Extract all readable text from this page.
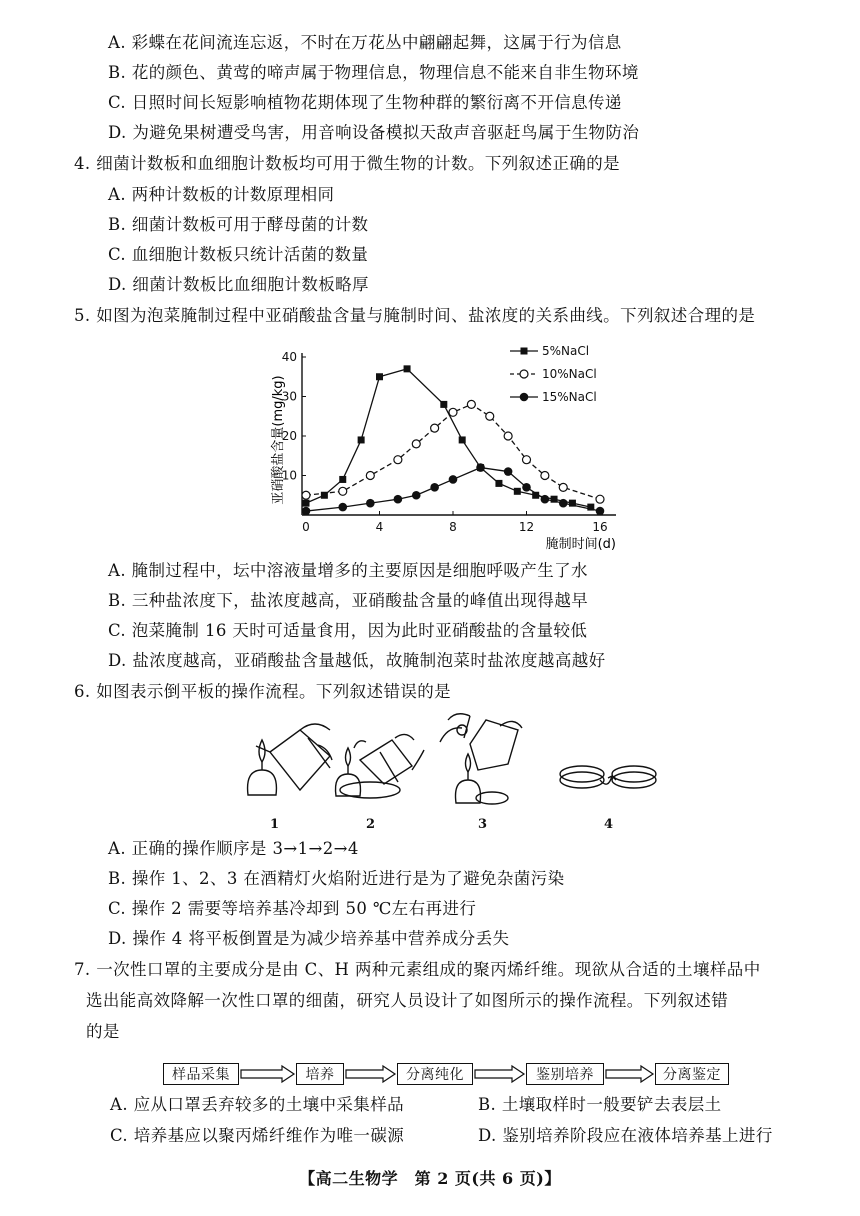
A. 彩蝶在花间流连忘返，不时在万花丛中翩翩起舞，这属于行为信息
B. 花的颜色、黄莺的啼声属于物理信息，物理信息不能来自非生物环境
C. 日照时间长短影响植物花期体现了生物种群的繁衍离不开信息传递
D. 为避免果树遭受鸟害，用音响设备模拟天敌声音驱赶鸟属于生物防治
4. 细菌计数板和血细胞计数板均可用于微生物的计数。下列叙述正确的是
A. 两种计数板的计数原理相同
B. 细菌计数板可用于酵母菌的计数
C. 血细胞计数板只统计活菌的数量
D. 细菌计数板比血细胞计数板略厚
5. 如图为泡菜腌制过程中亚硝酸盐含量与腌制时间、盐浓度的关系曲线。下列叙述合理的是
0	4	8	12	16
10
20
30
40	5%NaCl
10%NaCl
15%NaCl
亚硝酸盐含量(mg/kg)
腌制时间(d)
A. 腌制过程中，坛中溶液量增多的主要原因是细胞呼吸产生了水
B. 三种盐浓度下，盐浓度越高，亚硝酸盐含量的峰值出现得越早
C. 泡菜腌制 16 天时可适量食用，因为此时亚硝酸盐的含量较低
D. 盐浓度越高，亚硝酸盐含量越低，故腌制泡菜时盐浓度越高越好
6. 如图表示倒平板的操作流程。下列叙述错误的是
1	2	3	4
A. 正确的操作顺序是 3→1→2→4
B. 操作 1、2、3 在酒精灯火焰附近进行是为了避免杂菌污染
C. 操作 2 需要等培养基冷却到 50 ℃左右再进行
D. 操作 4 将平板倒置是为减少培养基中营养成分丢失
7. 一次性口罩的主要成分是由 C、H 两种元素组成的聚丙烯纤维。现欲从合适的土壤样品中
选出能高效降解一次性口罩的细菌，研究人员设计了如图所示的操作流程。下列叙述错
的是
样品采集	培养	分离纯化	鉴别培养	分离鉴定
A. 应从口罩丢弃较多的土壤中采集样品	B. 土壤取样时一般要铲去表层土
C. 培养基应以聚丙烯纤维作为唯一碳源	D. 鉴别培养阶段应在液体培养基上进行
【高二生物学　第 2 页(共 6 页)】
